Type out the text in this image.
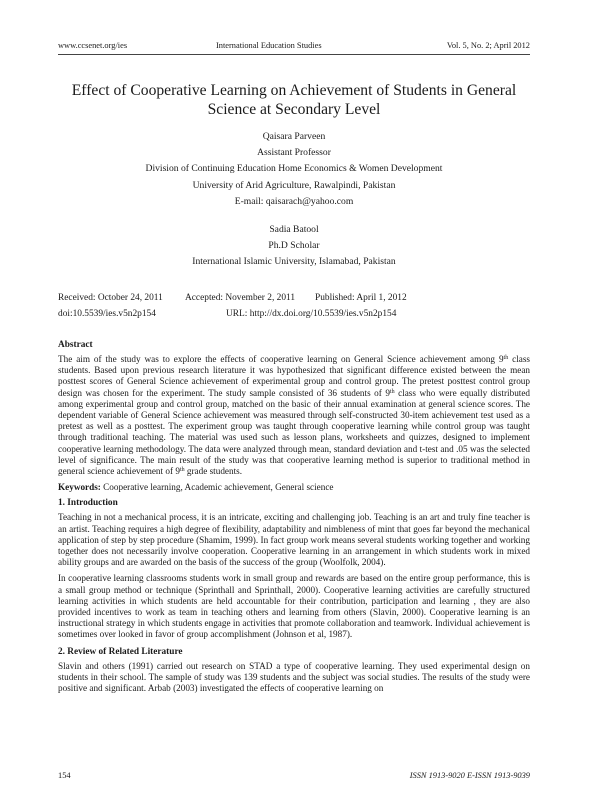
www.ccsenet.org/ies	International Education Studies	Vol. 5, No. 2; April 2012
Effect of Cooperative Learning on Achievement of Students in General Science at Secondary Level
Qaisara Parveen
Assistant Professor
Division of Continuing Education Home Economics & Women Development
University of Arid Agriculture, Rawalpindi, Pakistan
E-mail: qaisarach@yahoo.com
Sadia Batool
Ph.D Scholar
International Islamic University, Islamabad, Pakistan
Received: October 24, 2011 Accepted: November 2, 2011 Published: April 1, 2012
doi:10.5539/ies.v5n2p154	URL: http://dx.doi.org/10.5539/ies.v5n2p154
Abstract

The aim of the study was to explore the effects of cooperative learning on General Science achievement among 9th class students. Based upon previous research literature it was hypothesized that significant difference existed between the mean posttest scores of General Science achievement of experimental group and control group. The pretest posttest control group design was chosen for the experiment. The study sample consisted of 36 students of 9th class who were equally distributed among experimental group and control group, matched on the basic of their annual examination at general science scores. The dependent variable of General Science achievement was measured through self-constructed 30-item achievement test used as a pretest as well as a posttest. The experiment group was taught through cooperative learning while control group was taught through traditional teaching. The material was used such as lesson plans, worksheets and quizzes, designed to implement cooperative learning methodology. The data were analyzed through mean, standard deviation and t-test and .05 was the selected level of significance. The main result of the study was that cooperative learning method is superior to traditional method in general science achievement of 9th grade students.

Keywords: Cooperative learning, Academic achievement, General science

1. Introduction

Teaching in not a mechanical process, it is an intricate, exciting and challenging job. Teaching is an art and truly fine teacher is an artist. Teaching requires a high degree of flexibility, adaptability and nimbleness of mint that goes far beyond the mechanical application of step by step procedure (Shamim, 1999). In fact group work means several students working together and working together does not necessarily involve cooperation. Cooperative learning in an arrangement in which students work in mixed ability groups and are awarded on the basis of the success of the group (Woolfolk, 2004).

In cooperative learning classrooms students work in small group and rewards are based on the entire group performance, this is a small group method or technique (Sprinthall and Sprinthall, 2000). Cooperative learning activities are carefully structured learning activities in which students are held accountable for their contribution, participation and learning , they are also provided incentives to work as team in teaching others and learning from others (Slavin, 2000). Cooperative learning is an instructional strategy in which students engage in activities that promote collaboration and teamwork. Individual achievement is sometimes over looked in favor of group accomplishment (Johnson et al, 1987).

2. Review of Related Literature

Slavin and others (1991) carried out research on STAD a type of cooperative learning. They used experimental design on students in their school. The sample of study was 139 students and the subject was social studies. The results of the study were positive and significant. Arbab (2003) investigated the effects of cooperative learning on

154	ISSN 1913-9020 E-ISSN 1913-9039
